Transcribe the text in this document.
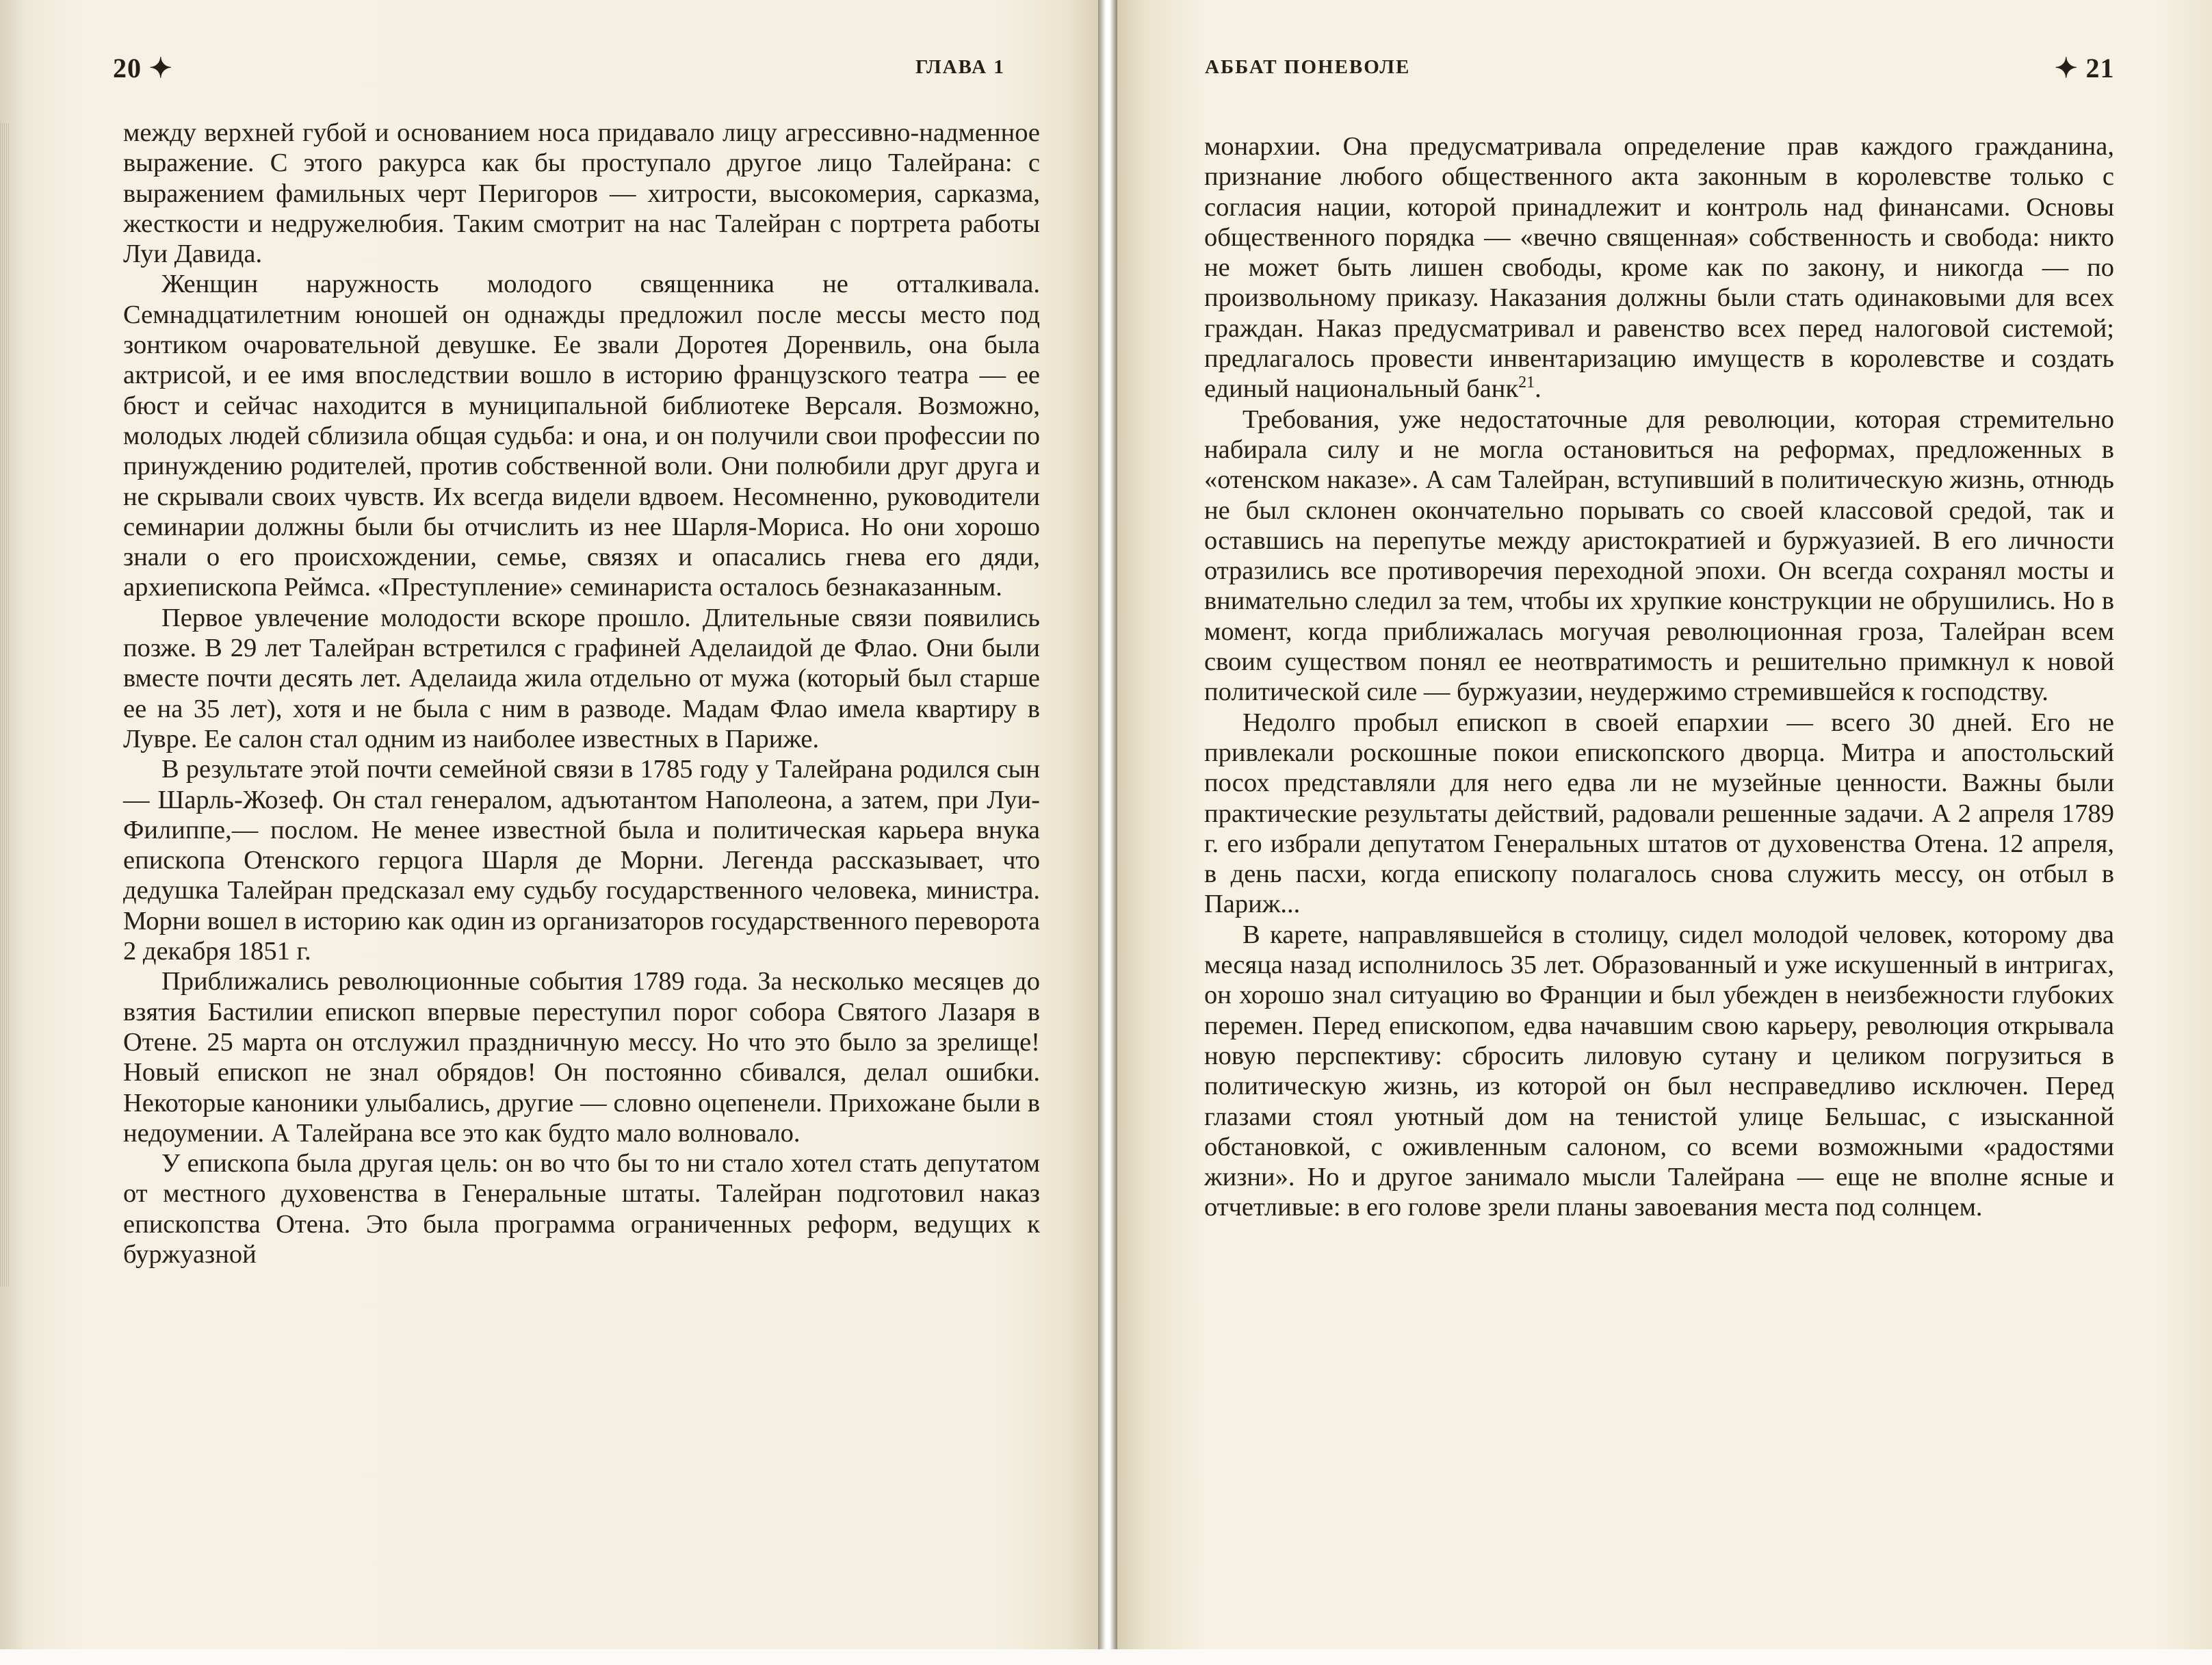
20 ✦	ГЛАВА 1

между верхней губой и основанием носа придавало лицу агрессивно-надменное выражение. С этого ракурса как бы проступало другое лицо Талейрана: с выражением фамильных черт Перигоров — хитрости, высокомерия, сарказма, жесткости и недружелюбия. Таким смотрит на нас Талейран с портрета работы Луи Давида.

Женщин наружность молодого священника не отталкивала. Семнадцатилетним юношей он однажды предложил после мессы место под зонтиком очаровательной девушке. Ее звали Доротея Доренвиль, она была актрисой, и ее имя впоследствии вошло в историю французского театра — ее бюст и сейчас находится в муниципальной библиотеке Версаля. Возможно, молодых людей сблизила общая судьба: и она, и он получили свои профессии по принуждению родителей, против собственной воли. Они полюбили друг друга и не скрывали своих чувств. Их всегда видели вдвоем. Несомненно, руководители семинарии должны были бы отчислить из нее Шарля-Мориса. Но они хорошо знали о его происхождении, семье, связях и опасались гнева его дяди, архиепископа Реймса. «Преступление» семинариста осталось безнаказанным.

Первое увлечение молодости вскоре прошло. Длительные связи появились позже. В 29 лет Талейран встретился с графиней Аделаидой де Флао. Они были вместе почти десять лет. Аделаида жила отдельно от мужа (который был старше ее на 35 лет), хотя и не была с ним в разводе. Мадам Флао имела квартиру в Лувре. Ее салон стал одним из наиболее известных в Париже.

В результате этой почти семейной связи в 1785 году у Талейрана родился сын — Шарль-Жозеф. Он стал генералом, адъютантом Наполеона, а затем, при Луи-Филиппе,— послом. Не менее известной была и политическая карьера внука епископа Отенского герцога Шарля де Морни. Легенда рассказывает, что дедушка Талейран предсказал ему судьбу государственного человека, министра. Морни вошел в историю как один из организаторов государственного переворота 2 декабря 1851 г.

Приближались революционные события 1789 года. За несколько месяцев до взятия Бастилии епископ впервые переступил порог собора Святого Лазаря в Отене. 25 марта он отслужил праздничную мессу. Но что это было за зрелище! Новый епископ не знал обрядов! Он постоянно сбивался, делал ошибки. Некоторые каноники улыбались, другие — словно оцепенели. Прихожане были в недоумении. А Талейрана все это как будто мало волновало.

У епископа была другая цель: он во что бы то ни стало хотел стать депутатом от местного духовенства в Генеральные штаты. Талейран подготовил наказ епископства Отена. Это была программа ограниченных реформ, ведущих к буржуазной

АББАТ ПОНЕВОЛЕ	✦ 21

монархии. Она предусматривала определение прав каждого гражданина, признание любого общественного акта законным в королевстве только с согласия нации, которой принадлежит и контроль над финансами. Основы общественного порядка — «вечно священная» собственность и свобода: никто не может быть лишен свободы, кроме как по закону, и никогда — по произвольному приказу. Наказания должны были стать одинаковыми для всех граждан. Наказ предусматривал и равенство всех перед налоговой системой; предлагалось провести инвентаризацию имуществ в королевстве и создать единый национальный банк$^{21}$.

Требования, уже недостаточные для революции, которая стремительно набирала силу и не могла остановиться на реформах, предложенных в «отенском наказе». А сам Талейран, вступивший в политическую жизнь, отнюдь не был склонен окончательно порывать со своей классовой средой, так и оставшись на перепутье между аристократией и буржуазией. В его личности отразились все противоречия переходной эпохи. Он всегда сохранял мосты и внимательно следил за тем, чтобы их хрупкие конструкции не обрушились. Но в момент, когда приближалась могучая революционная гроза, Талейран всем своим существом понял ее неотвратимость и решительно примкнул к новой политической силе — буржуазии, неудержимо стремившейся к господству.

Недолго пробыл епископ в своей епархии — всего 30 дней. Его не привлекали роскошные покои епископского дворца. Митра и апостольский посох представляли для него едва ли не музейные ценности. Важны были практические результаты действий, радовали решенные задачи. А 2 апреля 1789 г. его избрали депутатом Генеральных штатов от духовенства Отена. 12 апреля, в день пасхи, когда епископу полагалось снова служить мессу, он отбыл в Париж...

В карете, направлявшейся в столицу, сидел молодой человек, которому два месяца назад исполнилось 35 лет. Образованный и уже искушенный в интригах, он хорошо знал ситуацию во Франции и был убежден в неизбежности глубоких перемен. Перед епископом, едва начавшим свою карьеру, революция открывала новую перспективу: сбросить лиловую сутану и целиком погрузиться в политическую жизнь, из которой он был несправедливо исключен. Перед глазами стоял уютный дом на тенистой улице Бельшас, с изысканной обстановкой, с оживленным салоном, со всеми возможными «радостями жизни». Но и другое занимало мысли Талейрана — еще не вполне ясные и отчетливые: в его голове зрели планы завоевания места под солнцем.
